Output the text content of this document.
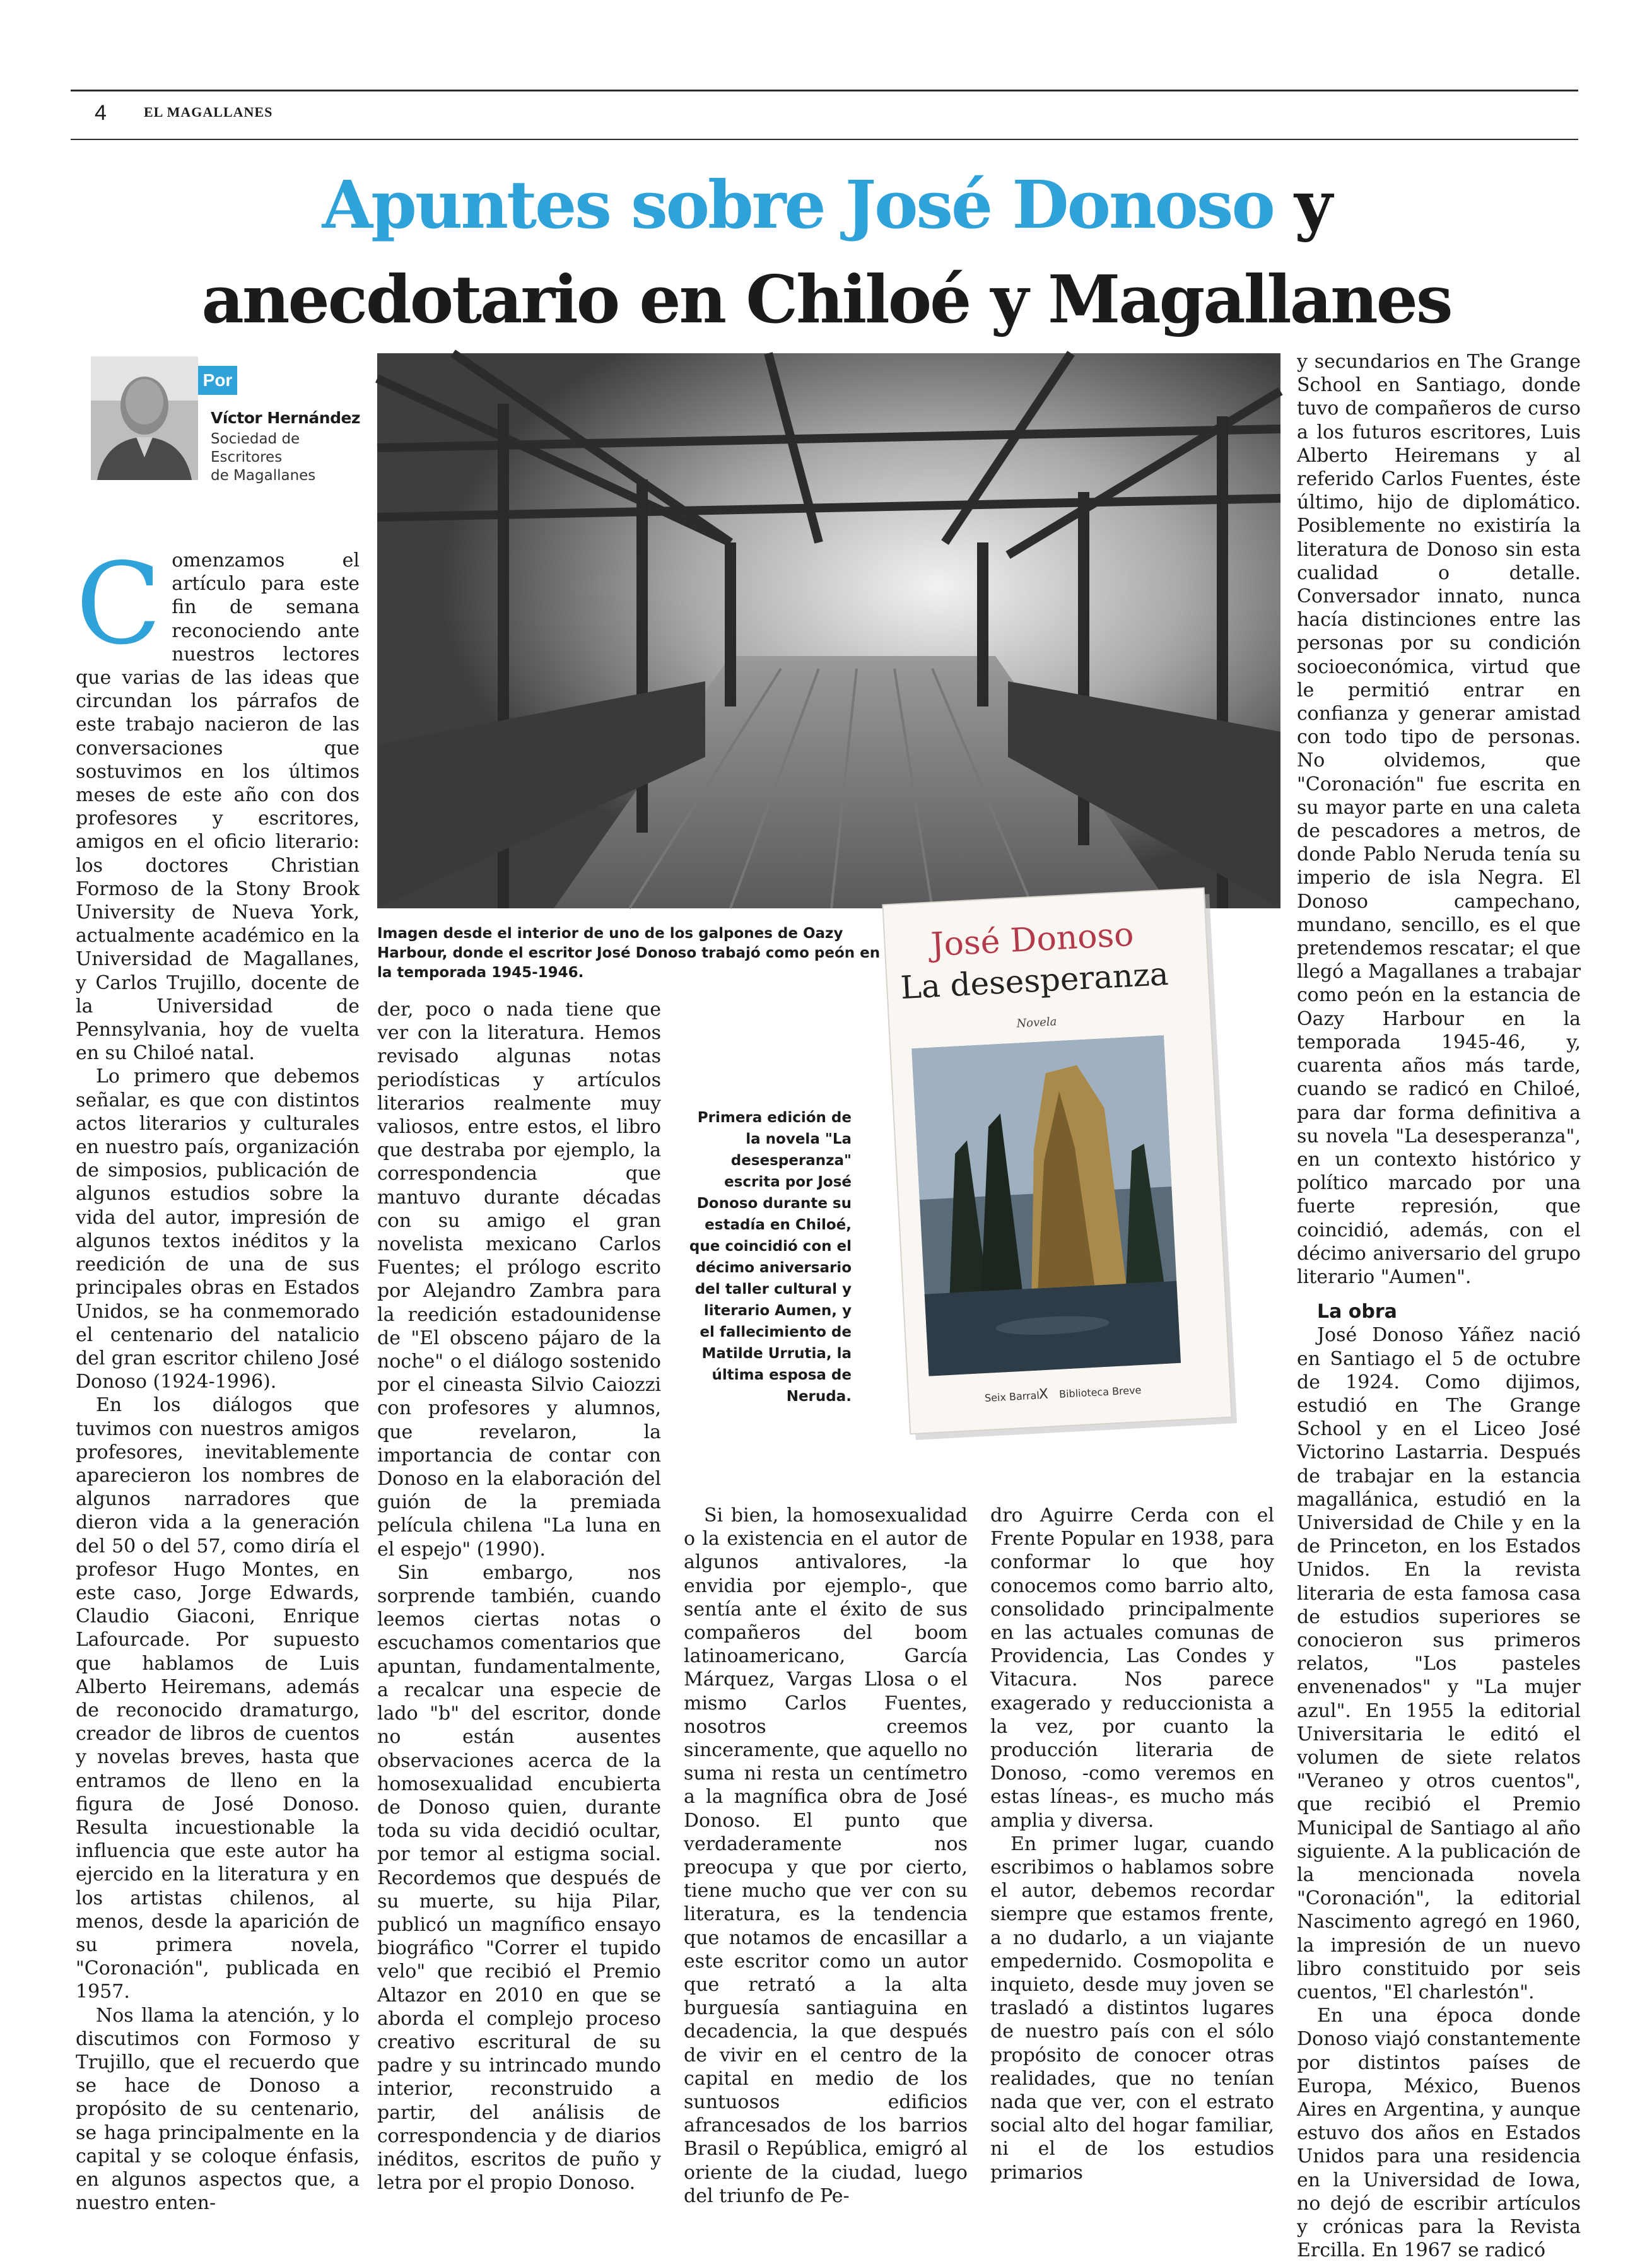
4	EL MAGALLANES
Apuntes sobre José Donoso y
anecdotario en Chiloé y Magallanes
Por
Víctor Hernández
Sociedad de
Escritores
de Magallanes

Comenzamos el artículo para este fin de semana reconociendo ante nuestros lectores que varias de las ideas que circundan los párrafos de este trabajo nacieron de las conversaciones que sostuvimos en los últimos meses de este año con dos profesores y escritores, amigos en el oficio literario: los doctores Christian Formoso de la Stony Brook University de Nueva York, actualmente académico en la Universidad de Magallanes, y Carlos Trujillo, docente de la Universidad de Pennsylvania, hoy de vuelta en su Chiloé natal.

Lo primero que debemos señalar, es que con distintos actos literarios y culturales en nuestro país, organización de simposios, publicación de algunos estudios sobre la vida del autor, impresión de algunos textos inéditos y la reedición de una de sus principales obras en Estados Unidos, se ha conmemorado el centenario del natalicio del gran escritor chileno José Donoso (1924-1996).

En los diálogos que tuvimos con nuestros amigos profesores, inevitablemente aparecieron los nombres de algunos narradores que dieron vida a la generación del 50 o del 57, como diría el profesor Hugo Montes, en este caso, Jorge Edwards, Claudio Giaconi, Enrique Lafourcade. Por supuesto que hablamos de Luis Alberto Heiremans, además de reconocido dramaturgo, creador de libros de cuentos y novelas breves, hasta que entramos de lleno en la figura de José Donoso. Resulta incuestionable la influencia que este autor ha ejercido en la literatura y en los artistas chilenos, al menos, desde la aparición de su primera novela, "Coronación", publicada en 1957.

Nos llama la atención, y lo discutimos con Formoso y Trujillo, que el recuerdo que se hace de Donoso a propósito de su centenario, se haga principalmente en la capital y se coloque énfasis, en algunos aspectos que, a nuestro enten-

Imagen desde el interior de uno de los galpones de Oazy Harbour, donde el escritor José Donoso trabajó como peón en la temporada 1945-1946.

der, poco o nada tiene que ver con la literatura. Hemos revisado algunas notas periodísticas y artículos literarios realmente muy valiosos, entre estos, el libro que destraba por ejemplo, la correspondencia que mantuvo durante décadas con su amigo el gran novelista mexicano Carlos Fuentes; el prólogo escrito por Alejandro Zambra para la reedición estadounidense de "El obsceno pájaro de la noche" o el diálogo sostenido por el cineasta Silvio Caiozzi con profesores y alumnos, que revelaron, la importancia de contar con Donoso en la elaboración del guión de la premiada película chilena "La luna en el espejo" (1990).

Sin embargo, nos sorprende también, cuando leemos ciertas notas o escuchamos comentarios que apuntan, fundamentalmente, a recalcar una especie de lado "b" del escritor, donde no están ausentes observaciones acerca de la homosexualidad encubierta de Donoso quien, durante toda su vida decidió ocultar, por temor al estigma social. Recordemos que después de su muerte, su hija Pilar, publicó un magnífico ensayo biográfico "Correr el tupido velo" que recibió el Premio Altazor en 2010 en que se aborda el complejo proceso creativo escritural de su padre y su intrincado mundo interior, reconstruido a partir, del análisis de correspondencia y de diarios inéditos, escritos de puño y letra por el propio Donoso.

Primera edición de la novela "La desesperanza" escrita por José Donoso durante su estadía en Chiloé, que coincidió con el décimo aniversario del taller cultural y literario Aumen, y el fallecimiento de Matilde Urrutia, la última esposa de Neruda.
José Donoso
La desesperanza
Novela
Seix Barral
X Biblioteca Breve

Si bien, la homosexualidad o la existencia en el autor de algunos antivalores, -la envidia por ejemplo-, que sentía ante el éxito de sus compañeros del boom latinoamericano, García Márquez, Vargas Llosa o el mismo Carlos Fuentes, nosotros creemos sinceramente, que aquello no suma ni resta un centímetro a la magnífica obra de José Donoso. El punto que verdaderamente nos preocupa y que por cierto, tiene mucho que ver con su literatura, es la tendencia que notamos de encasillar a este escritor como un autor que retrató a la alta burguesía santiaguina en decadencia, la que después de vivir en el centro de la capital en medio de los suntuosos edificios afrancesados de los barrios Brasil o República, emigró al oriente de la ciudad, luego del triunfo de Pe-

dro Aguirre Cerda con el Frente Popular en 1938, para conformar lo que hoy conocemos como barrio alto, consolidado principalmente en las actuales comunas de Providencia, Las Condes y Vitacura. Nos parece exagerado y reduccionista a la vez, por cuanto la producción literaria de Donoso, -como veremos en estas líneas-, es mucho más amplia y diversa.

En primer lugar, cuando escribimos o hablamos sobre el autor, debemos recordar siempre que estamos frente, a no dudarlo, a un viajante empedernido. Cosmopolita e inquieto, desde muy joven se trasladó a distintos lugares de nuestro país con el sólo propósito de conocer otras realidades, que no tenían nada que ver, con el estrato social alto del hogar familiar, ni el de los estudios primarios

y secundarios en The Grange School en Santiago, donde tuvo de compañeros de curso a los futuros escritores, Luis Alberto Heiremans y al referido Carlos Fuentes, éste último, hijo de diplomático. Posiblemente no existiría la literatura de Donoso sin esta cualidad o detalle. Conversador innato, nunca hacía distinciones entre las personas por su condición socioeconómica, virtud que le permitió entrar en confianza y generar amistad con todo tipo de personas. No olvidemos, que "Coronación" fue escrita en su mayor parte en una caleta de pescadores a metros, de donde Pablo Neruda tenía su imperio de isla Negra. El Donoso campechano, mundano, sencillo, es el que pretendemos rescatar; el que llegó a Magallanes a trabajar como peón en la estancia de Oazy Harbour en la temporada 1945-46, y, cuarenta años más tarde, cuando se radicó en Chiloé, para dar forma definitiva a su novela "La desesperanza", en un contexto histórico y político marcado por una fuerte represión, que coincidió, además, con el décimo aniversario del grupo literario "Aumen".

La obra

José Donoso Yáñez nació en Santiago el 5 de octubre de 1924. Como dijimos, estudió en The Grange School y en el Liceo José Victorino Lastarria. Después de trabajar en la estancia magallánica, estudió en la Universidad de Chile y en la de Princeton, en los Estados Unidos. En la revista literaria de esta famosa casa de estudios superiores se conocieron sus primeros relatos, "Los pasteles envenenados" y "La mujer azul". En 1955 la editorial Universitaria le editó el volumen de siete relatos "Veraneo y otros cuentos", que recibió el Premio Municipal de Santiago al año siguiente. A la publicación de la mencionada novela "Coronación", la editorial Nascimento agregó en 1960, la impresión de un nuevo libro constituido por seis cuentos, "El charlestón".

En una época donde Donoso viajó constantemente por distintos países de Europa, México, Buenos Aires en Argentina, y aunque estuvo dos años en Estados Unidos para una residencia en la Universidad de Iowa, no dejó de escribir artículos y crónicas para la Revista Ercilla. En 1967 se radicó
